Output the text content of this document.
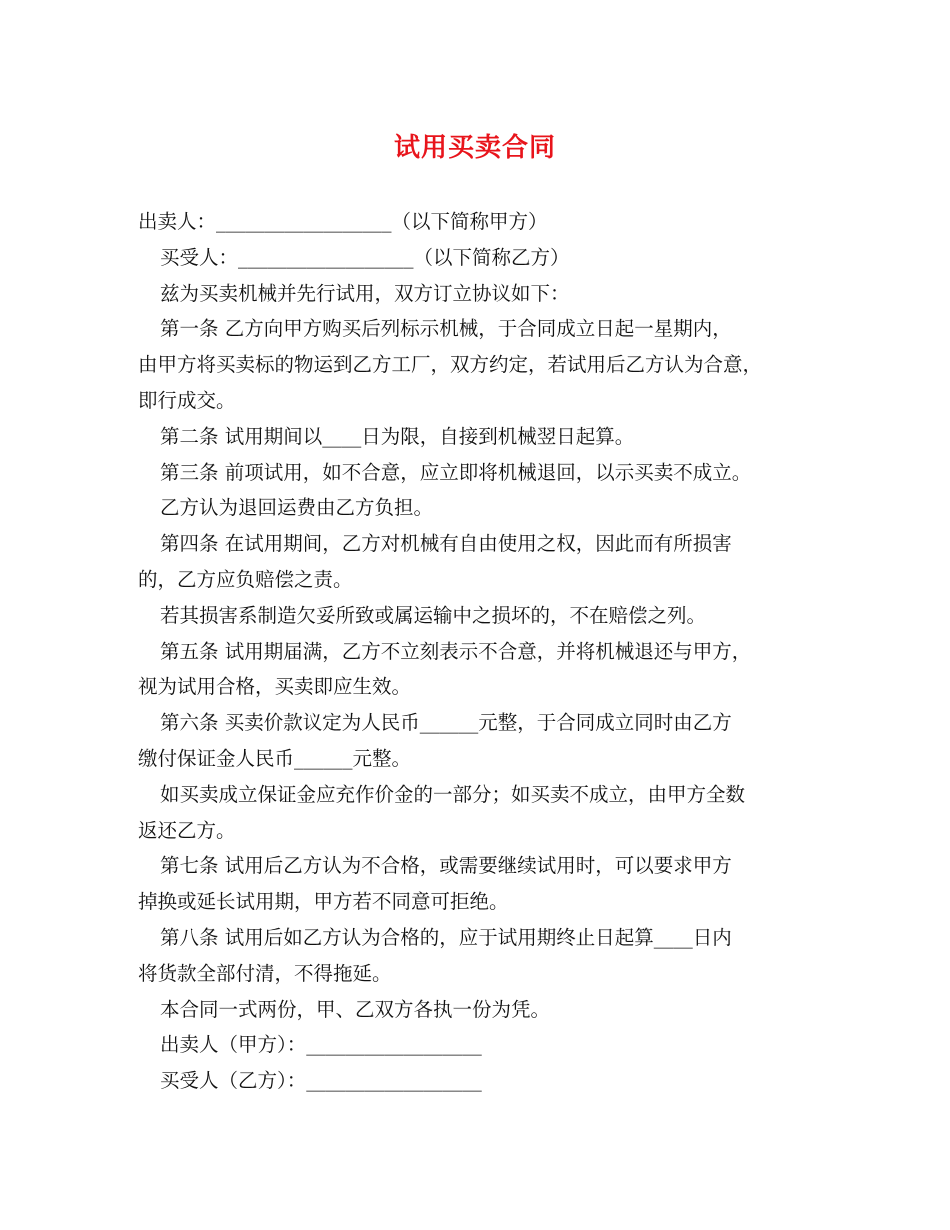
试用买卖合同
出卖人：__________________（以下简称甲方）
买受人：__________________（以下简称乙方）
兹为买卖机械并先行试用，双方订立协议如下：
第一条 乙方向甲方购买后列标示机械，于合同成立日起一星期内，
由甲方将买卖标的物运到乙方工厂，双方约定，若试用后乙方认为合意，
即行成交。
第二条 试用期间以____日为限，自接到机械翌日起算。
第三条 前项试用，如不合意，应立即将机械退回，以示买卖不成立。
乙方认为退回运费由乙方负担。
第四条 在试用期间，乙方对机械有自由使用之权，因此而有所损害
的，乙方应负赔偿之责。
若其损害系制造欠妥所致或属运输中之损坏的，不在赔偿之列。
第五条 试用期届满，乙方不立刻表示不合意，并将机械退还与甲方，
视为试用合格，买卖即应生效。
第六条 买卖价款议定为人民币______元整，于合同成立同时由乙方
缴付保证金人民币______元整。
如买卖成立保证金应充作价金的一部分；如买卖不成立，由甲方全数
返还乙方。
第七条 试用后乙方认为不合格，或需要继续试用时，可以要求甲方
掉换或延长试用期，甲方若不同意可拒绝。
第八条 试用后如乙方认为合格的，应于试用期终止日起算____日内
将货款全部付清，不得拖延。
本合同一式两份，甲、乙双方各执一份为凭。
出卖人（甲方）：__________________
买受人（乙方）：__________________
